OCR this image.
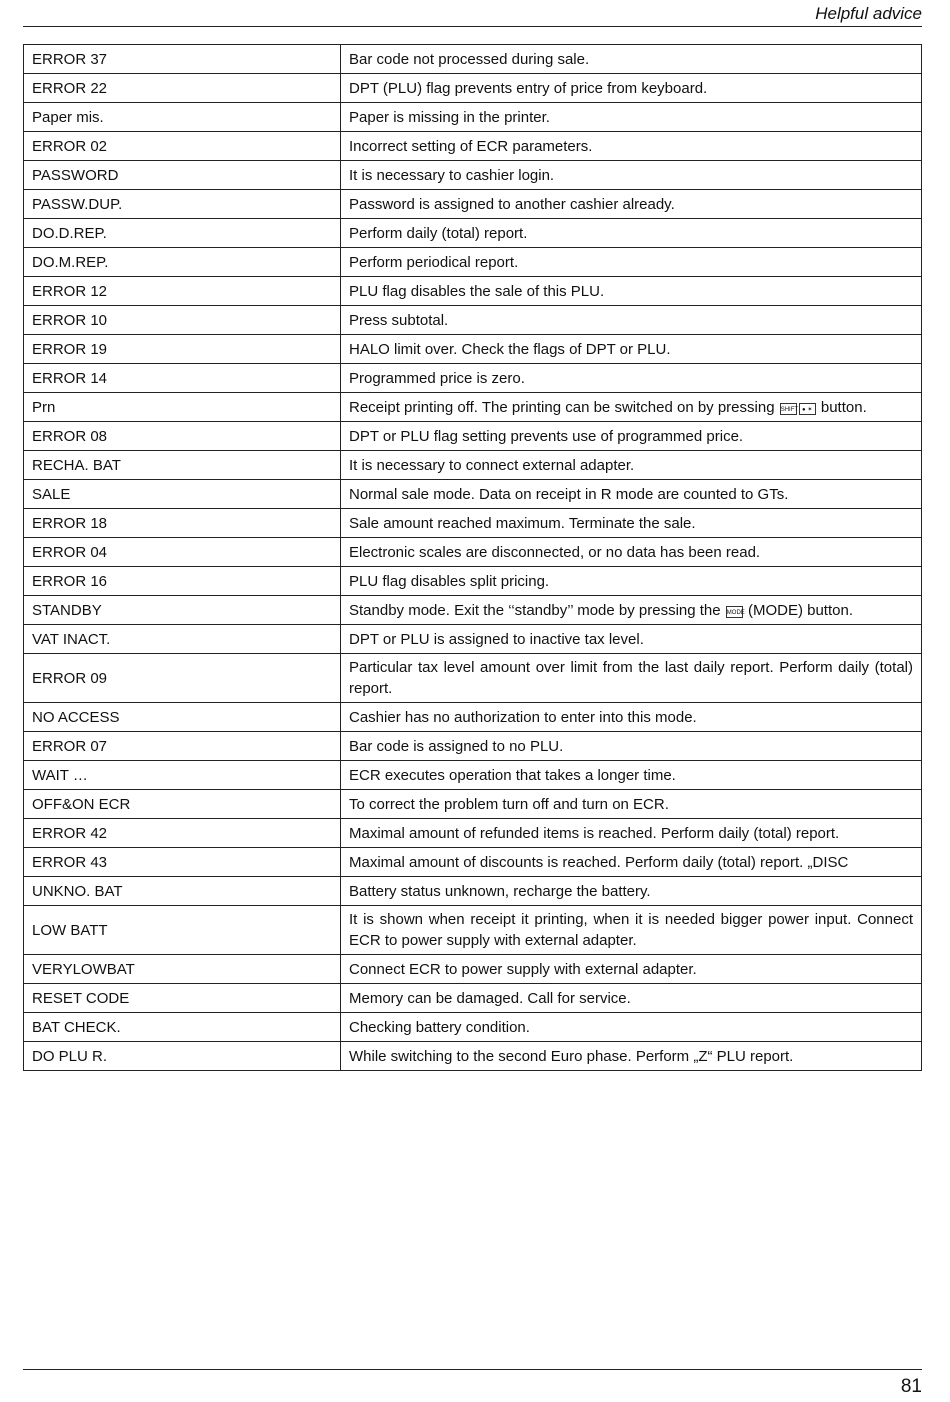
Helpful advice
ERROR 37	Bar code not processed during sale.
ERROR 22	DPT (PLU) flag prevents entry of price from keyboard.
Paper mis.	Paper is missing in the printer.
ERROR 02	Incorrect setting of ECR parameters.
PASSWORD	It is necessary to cashier login.
PASSW.DUP.	Password is assigned to another cashier already.
DO.D.REP.	Perform daily (total) report.
DO.M.REP.	Perform periodical report.
ERROR 12	PLU flag disables the sale of this PLU.
ERROR 10	Press subtotal.
ERROR 19	HALO limit over. Check the flags of DPT or PLU.
ERROR 14	Programmed price is zero.
Prn	Receipt printing off. The printing can be switched on by pressing SHIFT ● ✶ button.
ERROR 08	DPT or PLU flag setting prevents use of programmed price.
RECHA. BAT	It is necessary to connect external adapter.
SALE	Normal sale mode. Data on receipt in R mode are counted to GTs.
ERROR 18	Sale amount reached maximum. Terminate the sale.
ERROR 04	Electronic scales are disconnected, or no data has been read.
ERROR 16	PLU flag disables split pricing.
STANDBY	Standby mode. Exit the ‘‘standby’’ mode by pressing the MODE (MODE) button.
VAT INACT.	DPT or PLU is assigned to inactive tax level.
ERROR 09	Particular tax level amount over limit from the last daily report. Perform daily (total) report.
NO ACCESS	Cashier has no authorization to enter into this mode.
ERROR 07	Bar code is assigned to no PLU.
WAIT …	ECR executes operation that takes a longer time.
OFF&ON ECR	To correct the problem turn off and turn on ECR.
ERROR 42	Maximal amount of refunded items is reached. Perform daily (total) report.
ERROR 43	Maximal amount of discounts is reached. Perform daily (total) report. „DISC
UNKNO. BAT	Battery status unknown, recharge the battery.
LOW BATT	It is shown when receipt it printing, when it is needed bigger power input. Connect ECR to power supply with external adapter.
VERYLOWBAT	Connect ECR to power supply with external adapter.
RESET CODE	Memory can be damaged. Call for service.
BAT CHECK.	Checking battery condition.
DO PLU R.	While switching to the second Euro phase. Perform „Z“ PLU report.
81
